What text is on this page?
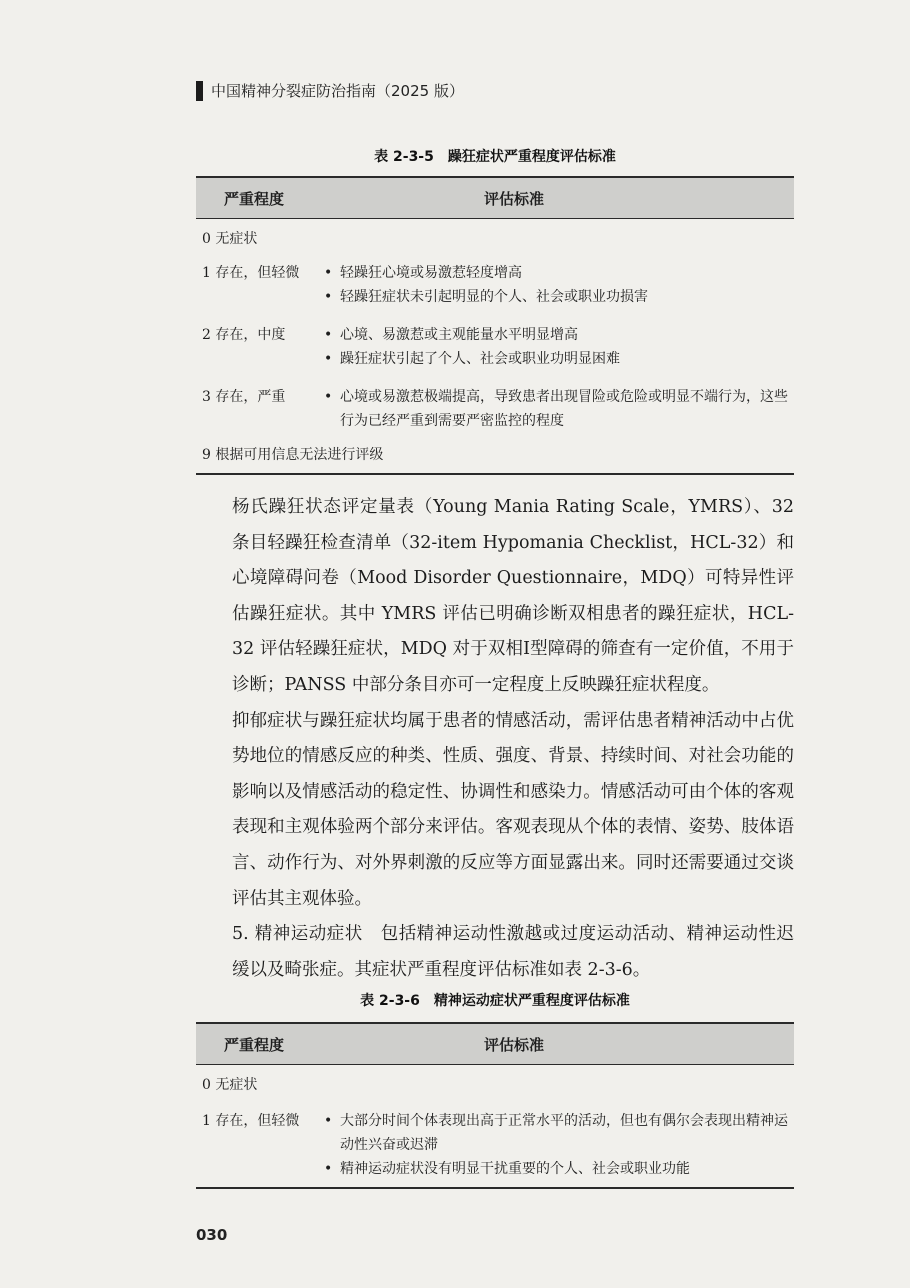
中国精神分裂症防治指南（2025 版）
表 2-3-5　躁狂症状严重程度评估标准
严重程度	评估标准
0 无症状
1 存在，但轻微	• 轻躁狂心境或易激惹轻度增高
• 轻躁狂症状未引起明显的个人、社会或职业功损害
2 存在，中度	• 心境、易激惹或主观能量水平明显增高
• 躁狂症状引起了个人、社会或职业功明显困难
3 存在，严重	• 心境或易激惹极端提高，导致患者出现冒险或危险或明显不端行为，这些行为已经严重到需要严密监控的程度
9 根据可用信息无法进行评级
杨氏躁狂状态评定量表（Young Mania Rating Scale，YMRS）、32 条目轻躁狂检查清单（32-item Hypomania Checklist，HCL-32）和心境障碍问卷（Mood Disorder Questionnaire，MDQ）可特异性评估躁狂症状。其中 YMRS 评估已明确诊断双相患者的躁狂症状，HCL-32 评估轻躁狂症状，MDQ 对于双相Ⅰ型障碍的筛查有一定价值，不用于诊断；PANSS 中部分条目亦可一定程度上反映躁狂症状程度。
抑郁症状与躁狂症状均属于患者的情感活动，需评估患者精神活动中占优势地位的情感反应的种类、性质、强度、背景、持续时间、对社会功能的影响以及情感活动的稳定性、协调性和感染力。情感活动可由个体的客观表现和主观体验两个部分来评估。客观表现从个体的表情、姿势、肢体语言、动作行为、对外界刺激的反应等方面显露出来。同时还需要通过交谈评估其主观体验。
5. 精神运动症状　 包括精神运动性激越或过度运动活动、精神运动性迟缓以及畸张症。其症状严重程度评估标准如表 2-3-6。
表 2-3-6　精神运动症状严重程度评估标准
严重程度	评估标准
0 无症状
1 存在，但轻微	• 大部分时间个体表现出高于正常水平的活动，但也有偶尔会表现出精神运动性兴奋或迟滞
• 精神运动症状没有明显干扰重要的个人、社会或职业功能
030
